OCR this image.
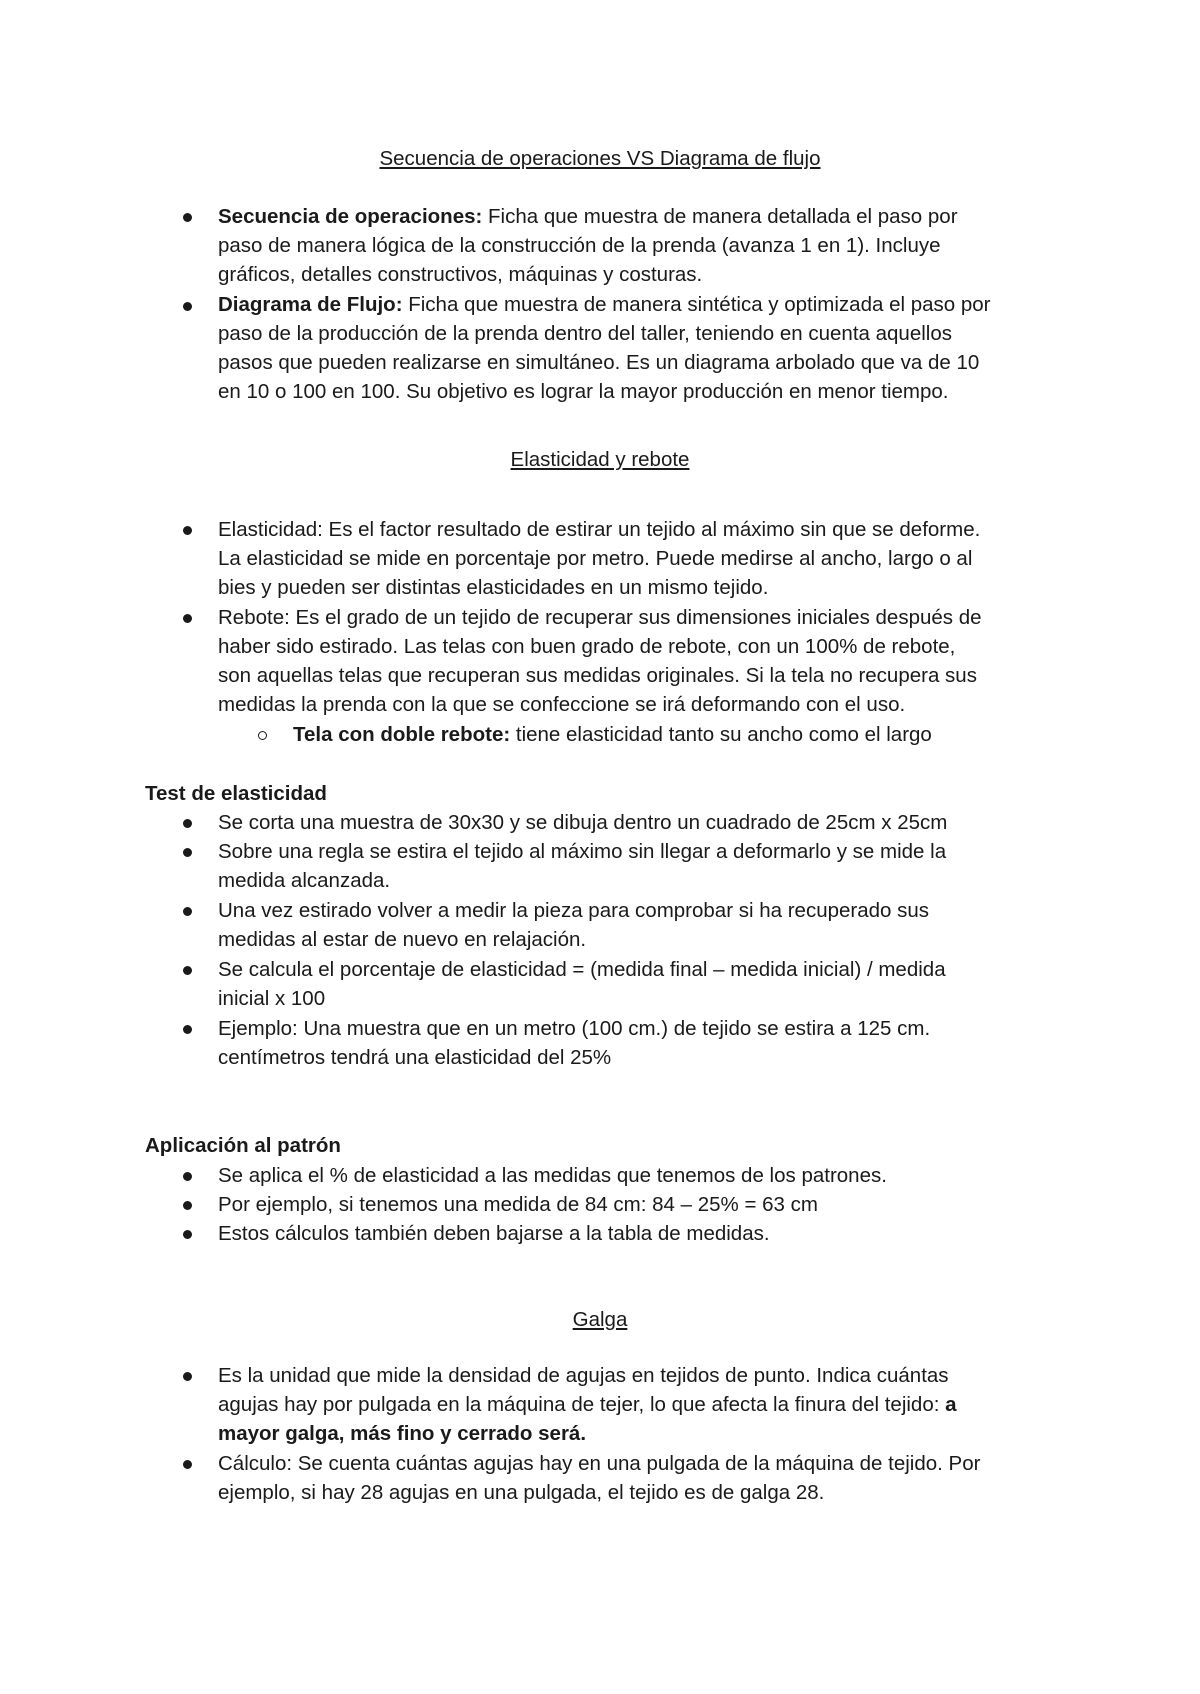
Secuencia de operaciones VS Diagrama de flujo

Secuencia de operaciones: Ficha que muestra de manera detallada el paso por

paso de manera lógica de la construcción de la prenda (avanza 1 en 1). Incluye

gráficos, detalles constructivos, máquinas y costuras.

Diagrama de Flujo: Ficha que muestra de manera sintética y optimizada el paso por

paso de la producción de la prenda dentro del taller, teniendo en cuenta aquellos

pasos que pueden realizarse en simultáneo. Es un diagrama arbolado que va de 10

en 10 o 100 en 100. Su objetivo es lograr la mayor producción en menor tiempo.

Elasticidad y rebote

Elasticidad: Es el factor resultado de estirar un tejido al máximo sin que se deforme.

La elasticidad se mide en porcentaje por metro. Puede medirse al ancho, largo o al

bies y pueden ser distintas elasticidades en un mismo tejido.

Rebote: Es el grado de un tejido de recuperar sus dimensiones iniciales después de

haber sido estirado. Las telas con buen grado de rebote, con un 100% de rebote,

son aquellas telas que recuperan sus medidas originales. Si la tela no recupera sus

medidas la prenda con la que se confeccione se irá deformando con el uso.

Tela con doble rebote: tiene elasticidad tanto su ancho como el largo

Test de elasticidad

Se corta una muestra de 30x30 y se dibuja dentro un cuadrado de 25cm x 25cm

Sobre una regla se estira el tejido al máximo sin llegar a deformarlo y se mide la

medida alcanzada.

Una vez estirado volver a medir la pieza para comprobar si ha recuperado sus

medidas al estar de nuevo en relajación.

Se calcula el porcentaje de elasticidad = (medida final – medida inicial) / medida

inicial x 100

Ejemplo: Una muestra que en un metro (100 cm.) de tejido se estira a 125 cm.

centímetros tendrá una elasticidad del 25%

Aplicación al patrón

Se aplica el % de elasticidad a las medidas que tenemos de los patrones.

Por ejemplo, si tenemos una medida de 84 cm: 84 – 25% = 63 cm

Estos cálculos también deben bajarse a la tabla de medidas.

Galga

Es la unidad que mide la densidad de agujas en tejidos de punto. Indica cuántas

agujas hay por pulgada en la máquina de tejer, lo que afecta la finura del tejido: a

mayor galga, más fino y cerrado será.

Cálculo: Se cuenta cuántas agujas hay en una pulgada de la máquina de tejido. Por

ejemplo, si hay 28 agujas en una pulgada, el tejido es de galga 28.
